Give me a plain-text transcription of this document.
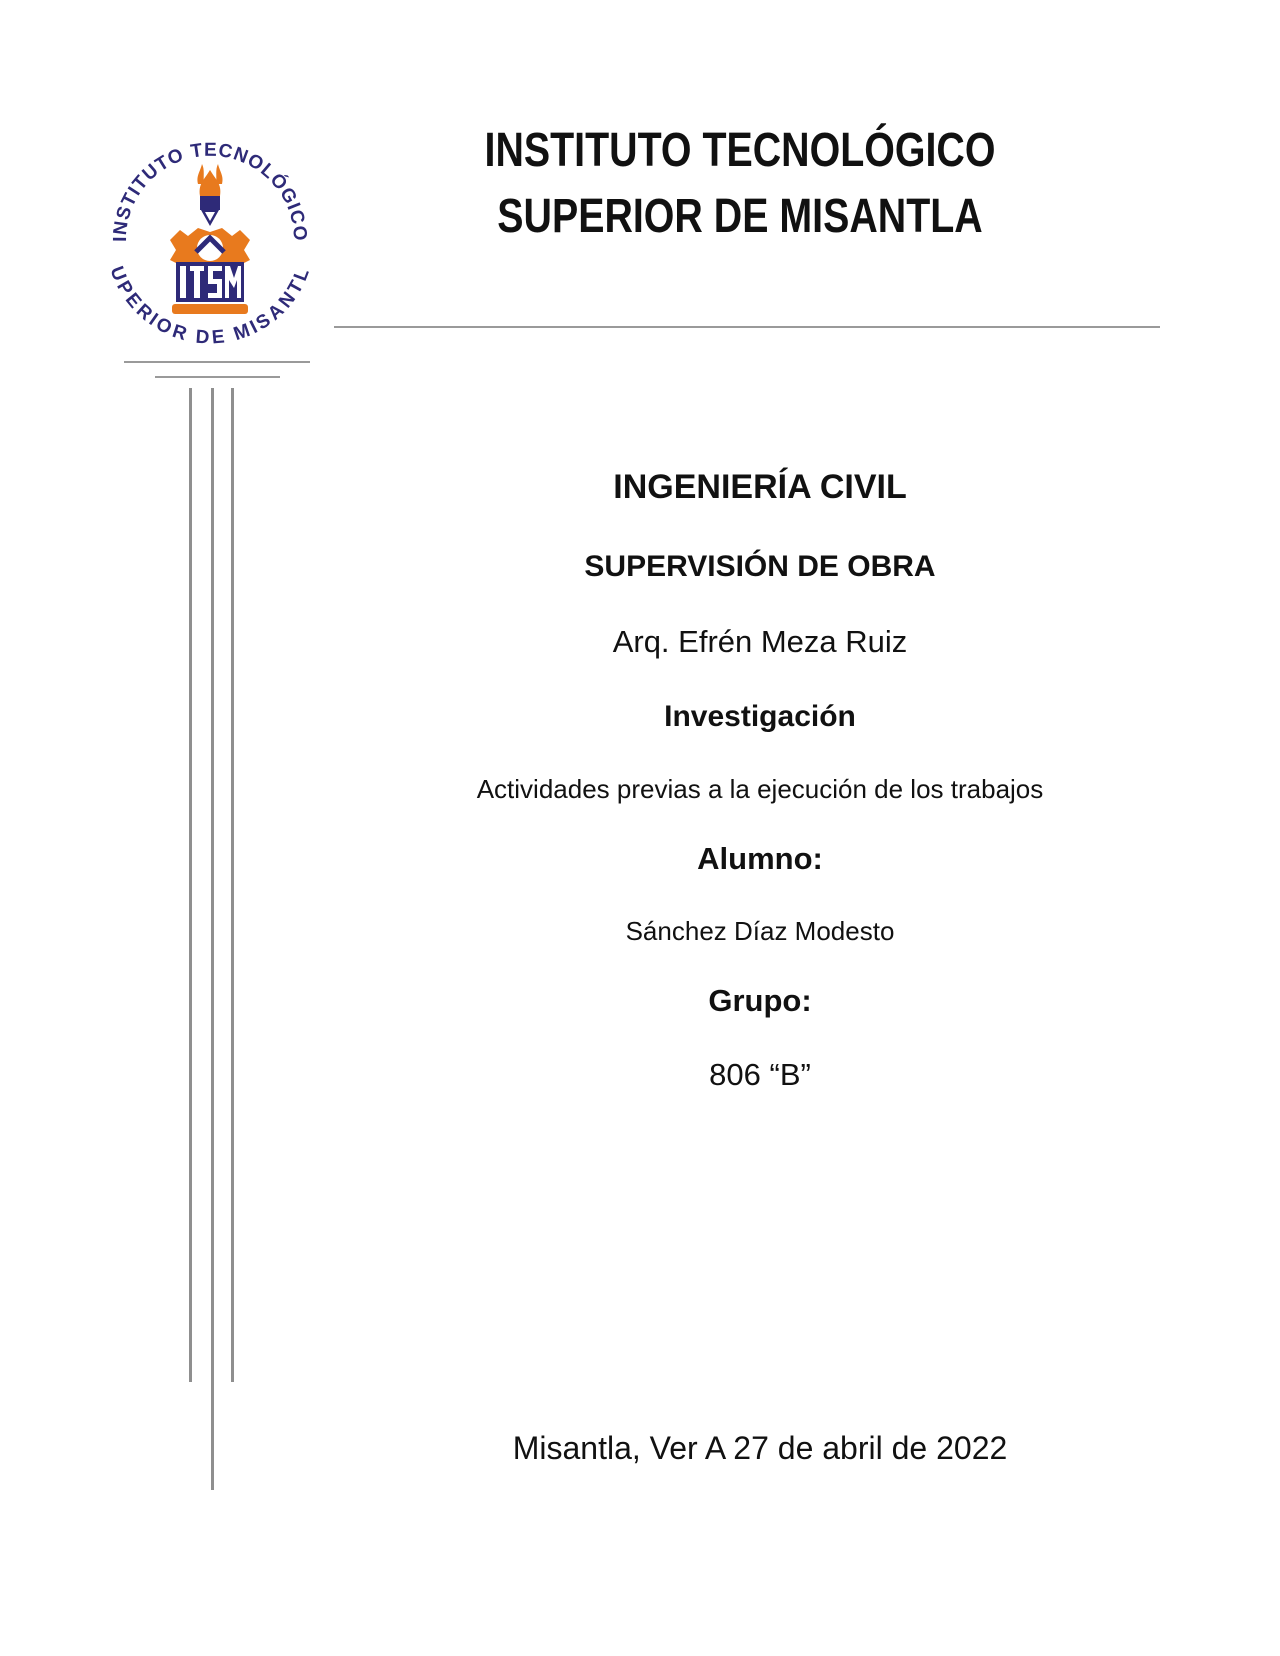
INSTITUTO TECNOLÓGICO
PERIOR DE MISANT
INSTITUTO TECNOLÓGICO
SUPERIOR DE MISANTLA
INGENIERÍA CIVIL
SUPERVISIÓN DE OBRA
Arq. Efrén Meza Ruiz
Investigación
Actividades previas a la ejecución de los trabajos
Alumno:
Sánchez Díaz Modesto
Grupo:
806 “B”
Misantla, Ver A 27 de abril de 2022
